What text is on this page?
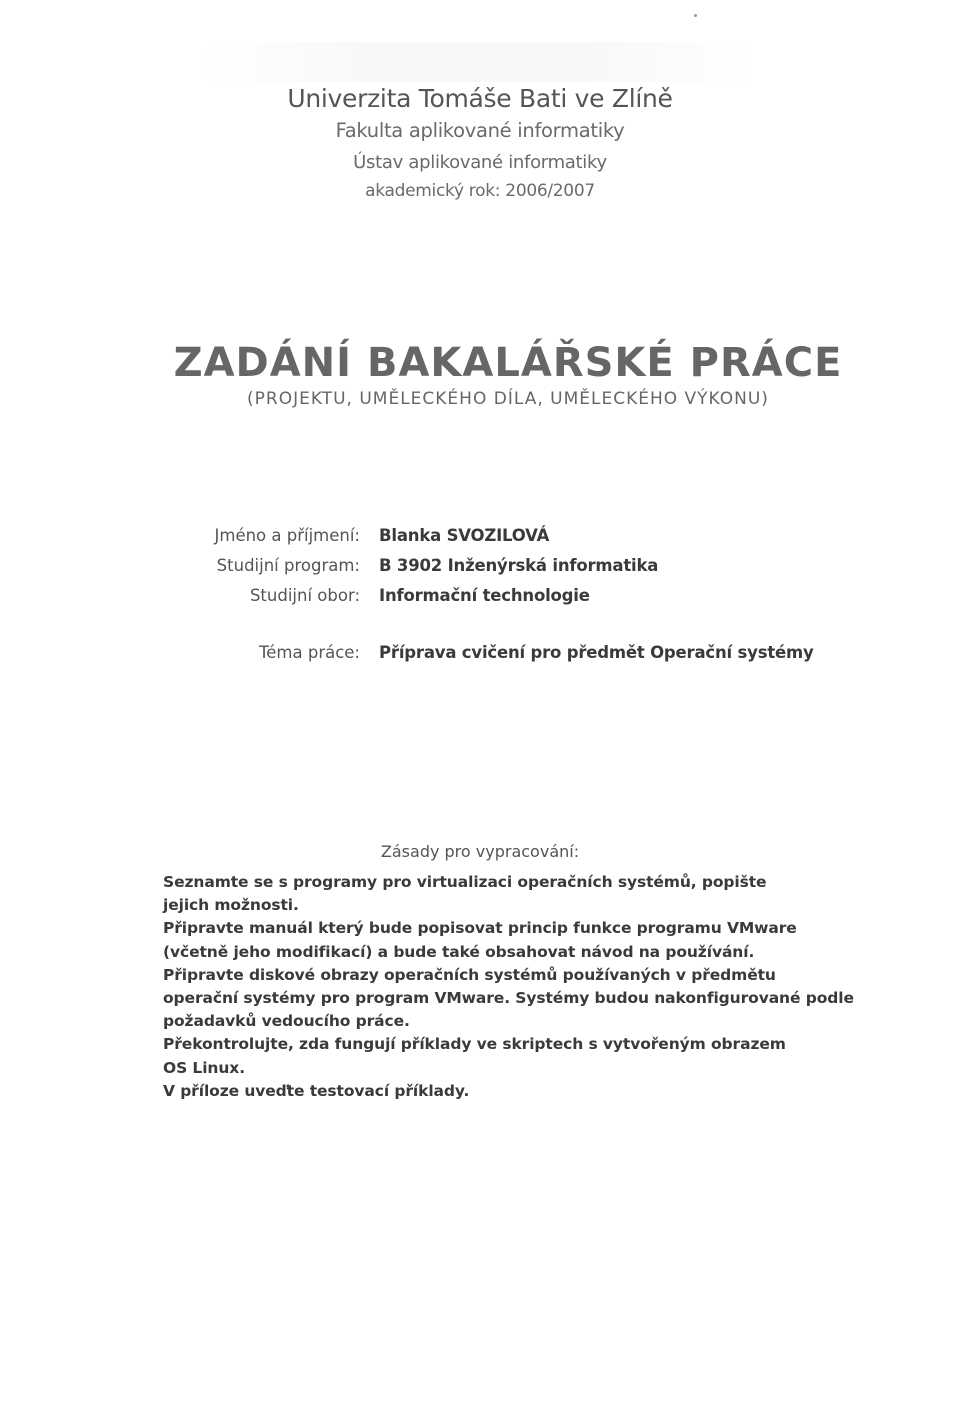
Univerzita Tomáše Bati ve Zlíně
Fakulta aplikované informatiky
Ústav aplikované informatiky
akademický rok: 2006/2007
ZADÁNÍ BAKALÁŘSKÉ PRÁCE
(PROJEKTU, UMĚLECKÉHO DÍLA, UMĚLECKÉHO VÝKONU)
Jméno a příjmení: Blanka SVOZILOVÁ
Studijní program: B 3902 Inženýrská informatika
Studijní obor: Informační technologie
Téma práce: Příprava cvičení pro předmět Operační systémy
Zásady pro vypracování:
Seznamte se s programy pro virtualizaci operačních systémů, popište
jejich možnosti.
Připravte manuál který bude popisovat princip funkce programu VMware
(včetně jeho modifikací) a bude také obsahovat návod na používání.
Připravte diskové obrazy operačních systémů používaných v předmětu
operační systémy pro program VMware. Systémy budou nakonfigurované podle
požadavků vedoucího práce.
Překontrolujte, zda fungují příklady ve skriptech s vytvořeným obrazem
OS Linux.
V příloze uveďte testovací příklady.
